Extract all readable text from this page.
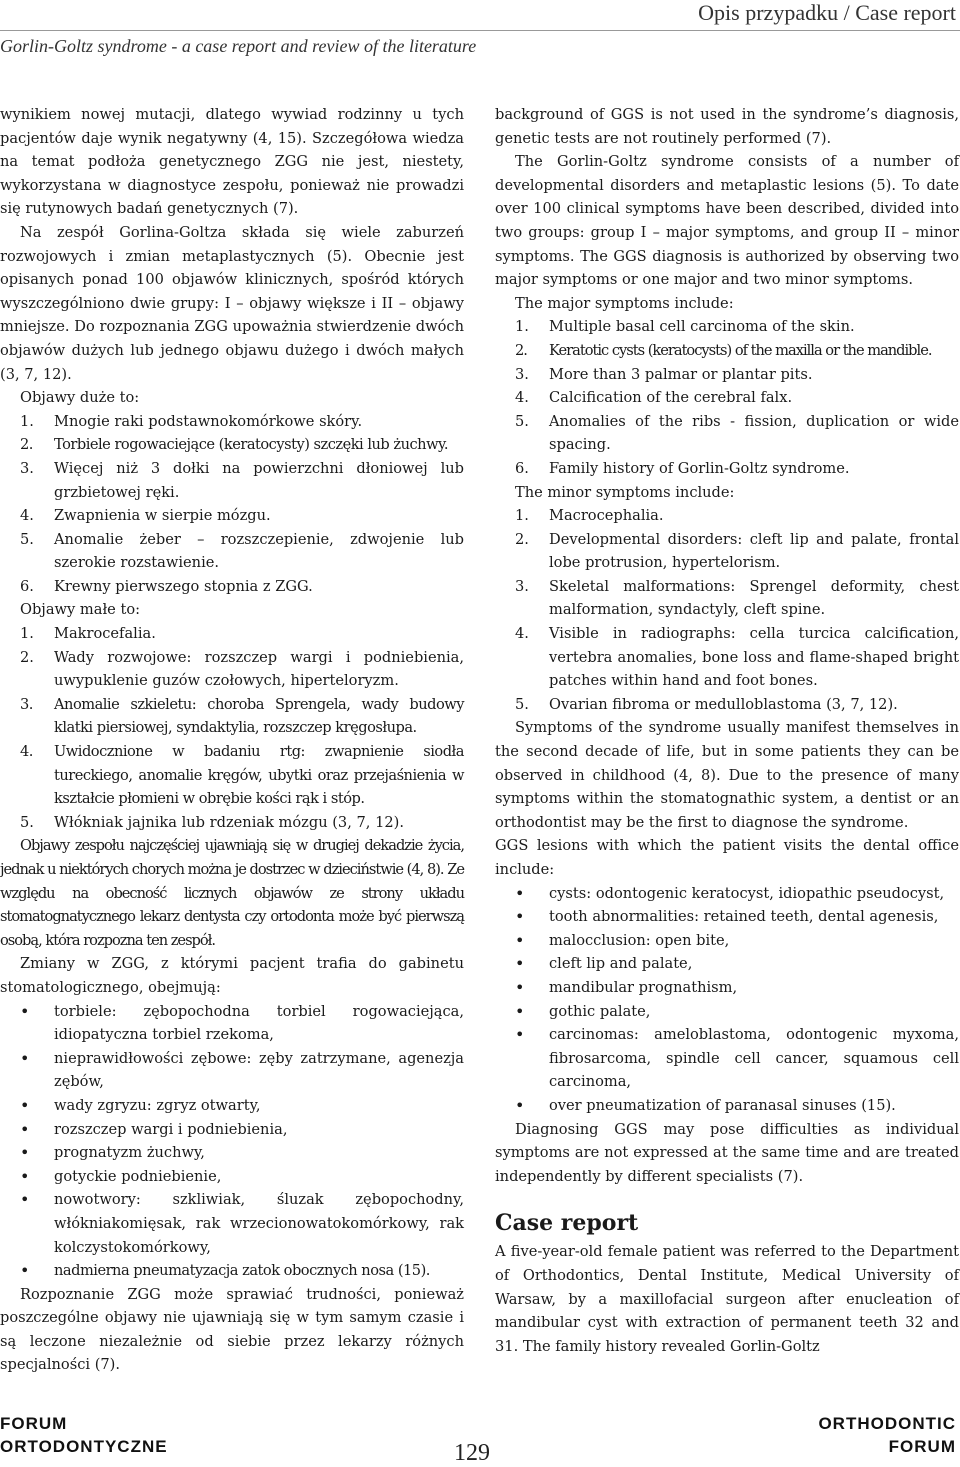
Opis przypadku / Case report
Gorlin-Goltz syndrome - a case report and review of the literature

wynikiem nowej mutacji, dlatego wywiad rodzinny u tych pacjentów daje wynik negatywny (4, 15). Szczegółowa wiedza na temat podłoża genetycznego ZGG nie jest, niestety, wykorzystana w diagnostyce zespołu, ponieważ nie prowadzi się rutynowych badań genetycznych (7).

Na zespół Gorlina-Goltza składa się wiele zaburzeń rozwojowych i zmian metaplastycznych (5). Obecnie jest opisanych ponad 100 objawów klinicznych, spośród których wyszczególniono dwie grupy: I – objawy większe i II – objawy mniejsze. Do rozpoznania ZGG upoważnia stwierdzenie dwóch objawów dużych lub jednego objawu dużego i dwóch małych (3, 7, 12).

Objawy duże to:

1. Mnogie raki podstawnokomórkowe skóry.
2. Torbiele rogowaciejące (keratocysty) szczęki lub żuchwy.
3. Więcej niż 3 dołki na powierzchni dłoniowej lub grzbietowej ręki.
4. Zwapnienia w sierpie mózgu.
5. Anomalie żeber – rozszczepienie, zdwojenie lub szerokie rozstawienie.
6. Krewny pierwszego stopnia z ZGG.

Objawy małe to:

1. Makrocefalia.
2. Wady rozwojowe: rozszczep wargi i podniebienia, uwypuklenie guzów czołowych, hiperteloryzm.
3. Anomalie szkieletu: choroba Sprengela, wady budowy klatki piersiowej, syndaktylia, rozszczep kręgosłupa.
4. Uwidocznione w badaniu rtg: zwapnienie siodła tureckiego, anomalie kręgów, ubytki oraz przejaśnienia w kształcie płomieni w obrębie kości rąk i stóp.
5. Włókniak jajnika lub rdzeniak mózgu (3, 7, 12).

Objawy zespołu najczęściej ujawniają się w drugiej dekadzie życia, jednak u niektórych chorych można je dostrzec w dzieciństwie (4, 8). Ze względu na obecność licznych objawów ze strony układu stomatognatycznego lekarz dentysta czy ortodonta może być pierwszą osobą, która rozpozna ten zespół.

Zmiany w ZGG, z którymi pacjent trafia do gabinetu stomatologicznego, obejmują:

• torbiele: zębopochodna torbiel rogowaciejąca, idiopatyczna torbiel rzekoma,
• nieprawidłowości zębowe: zęby zatrzymane, agenezja zębów,
• wady zgryzu: zgryz otwarty,
• rozszczep wargi i podniebienia,
• prognatyzm żuchwy,
• gotyckie podniebienie,
• nowotwory: szkliwiak, śluzak zębopochodny, włókniakomięsak, rak wrzecionowatokomórkowy, rak kolczystokomórkowy,
• nadmierna pneumatyzacja zatok obocznych nosa (15).

Rozpoznanie ZGG może sprawiać trudności, ponieważ poszczególne objawy nie ujawniają się w tym samym czasie i są leczone niezależnie od siebie przez lekarzy różnych specjalności (7).

background of GGS is not used in the syndrome’s diagnosis, genetic tests are not routinely performed (7).

The Gorlin-Goltz syndrome consists of a number of developmental disorders and metaplastic lesions (5). To date over 100 clinical symptoms have been described, divided into two groups: group I – major symptoms, and group II – minor symptoms. The GGS diagnosis is authorized by observing two major symptoms or one major and two minor symptoms.

The major symptoms include:

1. Multiple basal cell carcinoma of the skin.
2. Keratotic cysts (keratocysts) of the maxilla or the mandible.
3. More than 3 palmar or plantar pits.
4. Calcification of the cerebral falx.
5. Anomalies of the ribs - fission, duplication or wide spacing.
6. Family history of Gorlin-Goltz syndrome.

The minor symptoms include:

1. Macrocephalia.
2. Developmental disorders: cleft lip and palate, frontal lobe protrusion, hypertelorism.
3. Skeletal malformations: Sprengel deformity, chest malformation, syndactyly, cleft spine.
4. Visible in radiographs: cella turcica calcification, vertebra anomalies, bone loss and flame-shaped bright patches within hand and foot bones.
5. Ovarian fibroma or medulloblastoma (3, 7, 12).

Symptoms of the syndrome usually manifest themselves in the second decade of life, but in some patients they can be observed in childhood (4, 8). Due to the presence of many symptoms within the stomatognathic system, a dentist or an orthodontist may be the first to diagnose the syndrome.

GGS lesions with which the patient visits the dental office include:

• cysts: odontogenic keratocyst, idiopathic pseudocyst,
• tooth abnormalities: retained teeth, dental agenesis,
• malocclusion: open bite,
• cleft lip and palate,
• mandibular prognathism,
• gothic palate,
• carcinomas: ameloblastoma, odontogenic myxoma, fibrosarcoma, spindle cell cancer, squamous cell carcinoma,
• over pneumatization of paranasal sinuses (15).

Diagnosing GGS may pose difficulties as individual symptoms are not expressed at the same time and are treated independently by different specialists (7).

Case report

A five-year-old female patient was referred to the Department of Orthodontics, Dental Institute, Medical University of Warsaw, by a maxillofacial surgeon after enucleation of mandibular cyst with extraction of permanent teeth 32 and 31. The family history revealed Gorlin-Goltz

FORUM
ORTODONTYCZNE	129
ORTHODONTIC
FORUM
